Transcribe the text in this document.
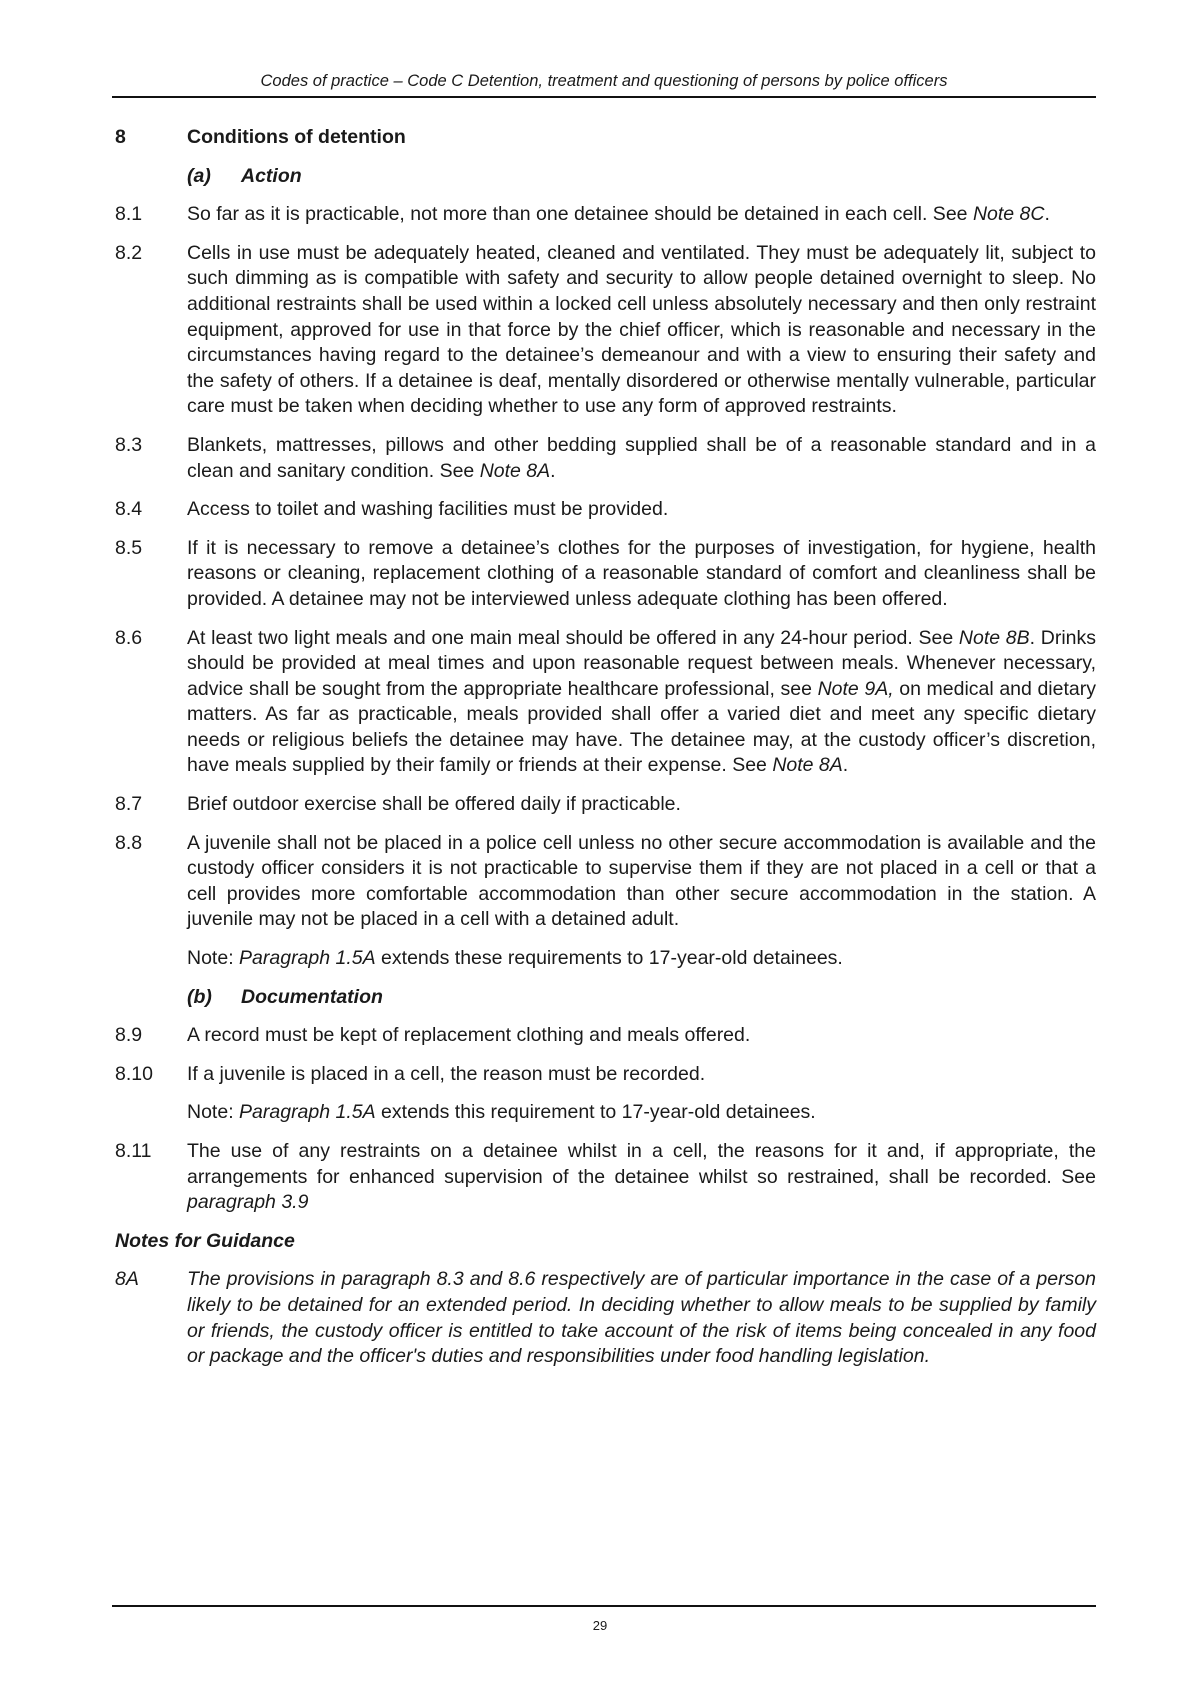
Codes of practice – Code C Detention, treatment and questioning of persons by police officers
8	Conditions of detention
(a) Action
8.1	So far as it is practicable, not more than one detainee should be detained in each cell. See Note 8C.
8.2	Cells in use must be adequately heated, cleaned and ventilated. They must be adequately lit, subject to such dimming as is compatible with safety and security to allow people detained overnight to sleep. No additional restraints shall be used within a locked cell unless absolutely necessary and then only restraint equipment, approved for use in that force by the chief officer, which is reasonable and necessary in the circumstances having regard to the detainee’s demeanour and with a view to ensuring their safety and the safety of others. If a detainee is deaf, mentally disordered or otherwise mentally vulnerable, particular care must be taken when deciding whether to use any form of approved restraints.
8.3	Blankets, mattresses, pillows and other bedding supplied shall be of a reasonable standard and in a clean and sanitary condition. See Note 8A.
8.4	Access to toilet and washing facilities must be provided.
8.5	If it is necessary to remove a detainee’s clothes for the purposes of investigation, for hygiene, health reasons or cleaning, replacement clothing of a reasonable standard of comfort and cleanliness shall be provided. A detainee may not be interviewed unless adequate clothing has been offered.
8.6	At least two light meals and one main meal should be offered in any 24-hour period. See Note 8B. Drinks should be provided at meal times and upon reasonable request between meals. Whenever necessary, advice shall be sought from the appropriate healthcare professional, see Note 9A, on medical and dietary matters. As far as practicable, meals provided shall offer a varied diet and meet any specific dietary needs or religious beliefs the detainee may have. The detainee may, at the custody officer’s discretion, have meals supplied by their family or friends at their expense. See Note 8A.
8.7	Brief outdoor exercise shall be offered daily if practicable.
8.8	A juvenile shall not be placed in a police cell unless no other secure accommodation is available and the custody officer considers it is not practicable to supervise them if they are not placed in a cell or that a cell provides more comfortable accommodation than other secure accommodation in the station. A juvenile may not be placed in a cell with a detained adult.
Note: Paragraph 1.5A extends these requirements to 17-year-old detainees.
(b) Documentation
8.9	A record must be kept of replacement clothing and meals offered.
8.10	If a juvenile is placed in a cell, the reason must be recorded.
Note: Paragraph 1.5A extends this requirement to 17-year-old detainees.
8.11	The use of any restraints on a detainee whilst in a cell, the reasons for it and, if appropriate, the arrangements for enhanced supervision of the detainee whilst so restrained, shall be recorded. See paragraph 3.9
Notes for Guidance
8A	The provisions in paragraph 8.3 and 8.6 respectively are of particular importance in the case of a person likely to be detained for an extended period. In deciding whether to allow meals to be supplied by family or friends, the custody officer is entitled to take account of the risk of items being concealed in any food or package and the officer's duties and responsibilities under food handling legislation.
29
